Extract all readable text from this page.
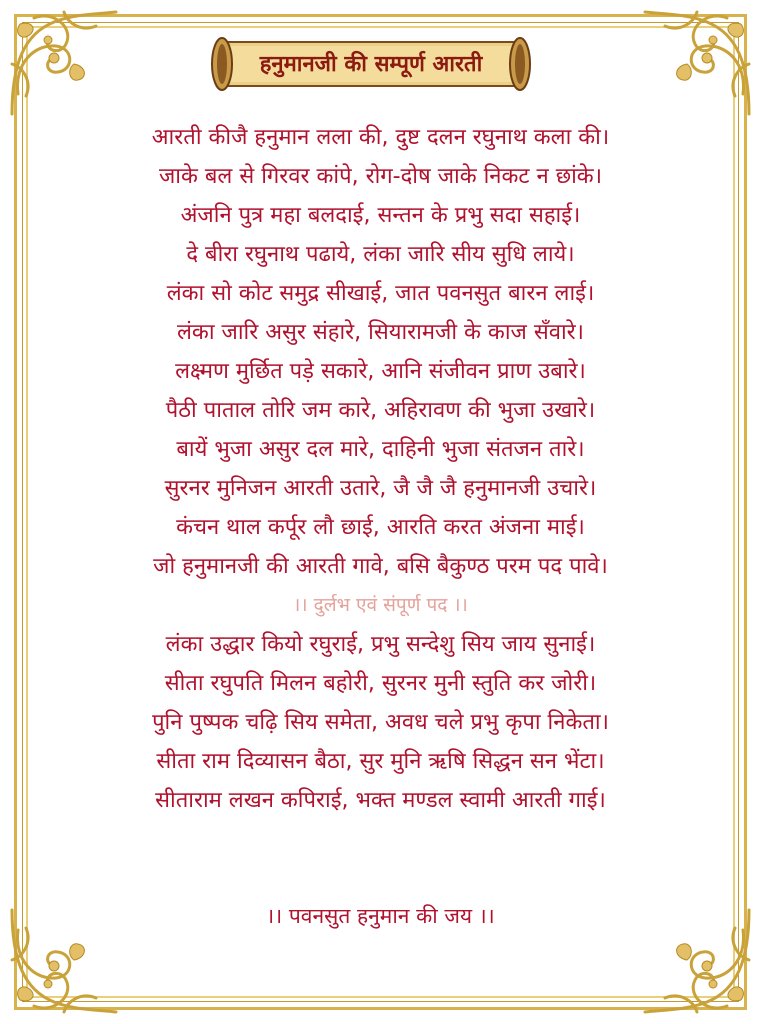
हनुमानजी की सम्पूर्ण आरती
आरती कीजै हनुमान लला की, दुष्ट दलन रघुनाथ कला की।
जाके बल से गिरवर कांपे, रोग-दोष जाके निकट न छांके।
अंजनि पुत्र महा बलदाई, सन्तन के प्रभु सदा सहाई।
दे बीरा रघुनाथ पढाये, लंका जारि सीय सुधि लाये।
लंका सो कोट समुद्र सीखाई, जात पवनसुत बारन लाई।
लंका जारि असुर संहारे, सियारामजी के काज सँवारे।
लक्ष्मण मुर्छित पड़े सकारे, आनि संजीवन प्राण उबारे।
पैठी पाताल तोरि जम कारे, अहिरावण की भुजा उखारे।
बायें भुजा असुर दल मारे, दाहिनी भुजा संतजन तारे।
सुरनर मुनिजन आरती उतारे, जै जै जै हनुमानजी उचारे।
कंचन थाल कर्पूर लौ छाई, आरति करत अंजना माई।
जो हनुमानजी की आरती गावे, बसि बैकुण्ठ परम पद पावे।
।। दुर्लभ एवं संपूर्ण पद ।।
लंका उद्धार कियो रघुराई, प्रभु सन्देशु सिय जाय सुनाई।
सीता रघुपति मिलन बहोरी, सुरनर मुनी स्तुति कर जोरी।
पुनि पुष्पक चढ़ि सिय समेता, अवध चले प्रभु कृपा निकेता।
सीता राम दिव्यासन बैठा, सुर मुनि ऋषि सिद्धन सन भेंटा।
सीताराम लखन कपिराई, भक्त मण्डल स्वामी आरती गाई।
।। पवनसुत हनुमान की जय ।।
